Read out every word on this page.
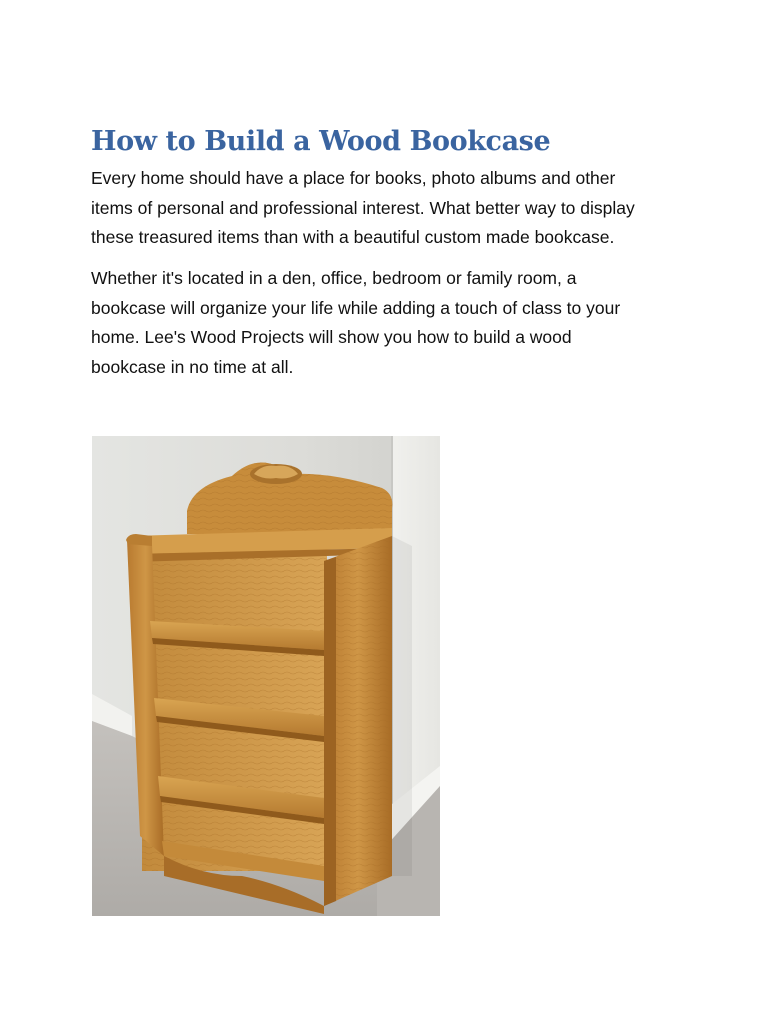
How to Build a Wood Bookcase

Every home should have a place for books, photo albums and other
items of personal and professional interest. What better way to display
these treasured items than with a beautiful custom made bookcase.

Whether it's located in a den, office, bedroom or family room, a
bookcase will organize your life while adding a touch of class to your
home. Lee's Wood Projects will show you how to build a wood
bookcase in no time at all.
